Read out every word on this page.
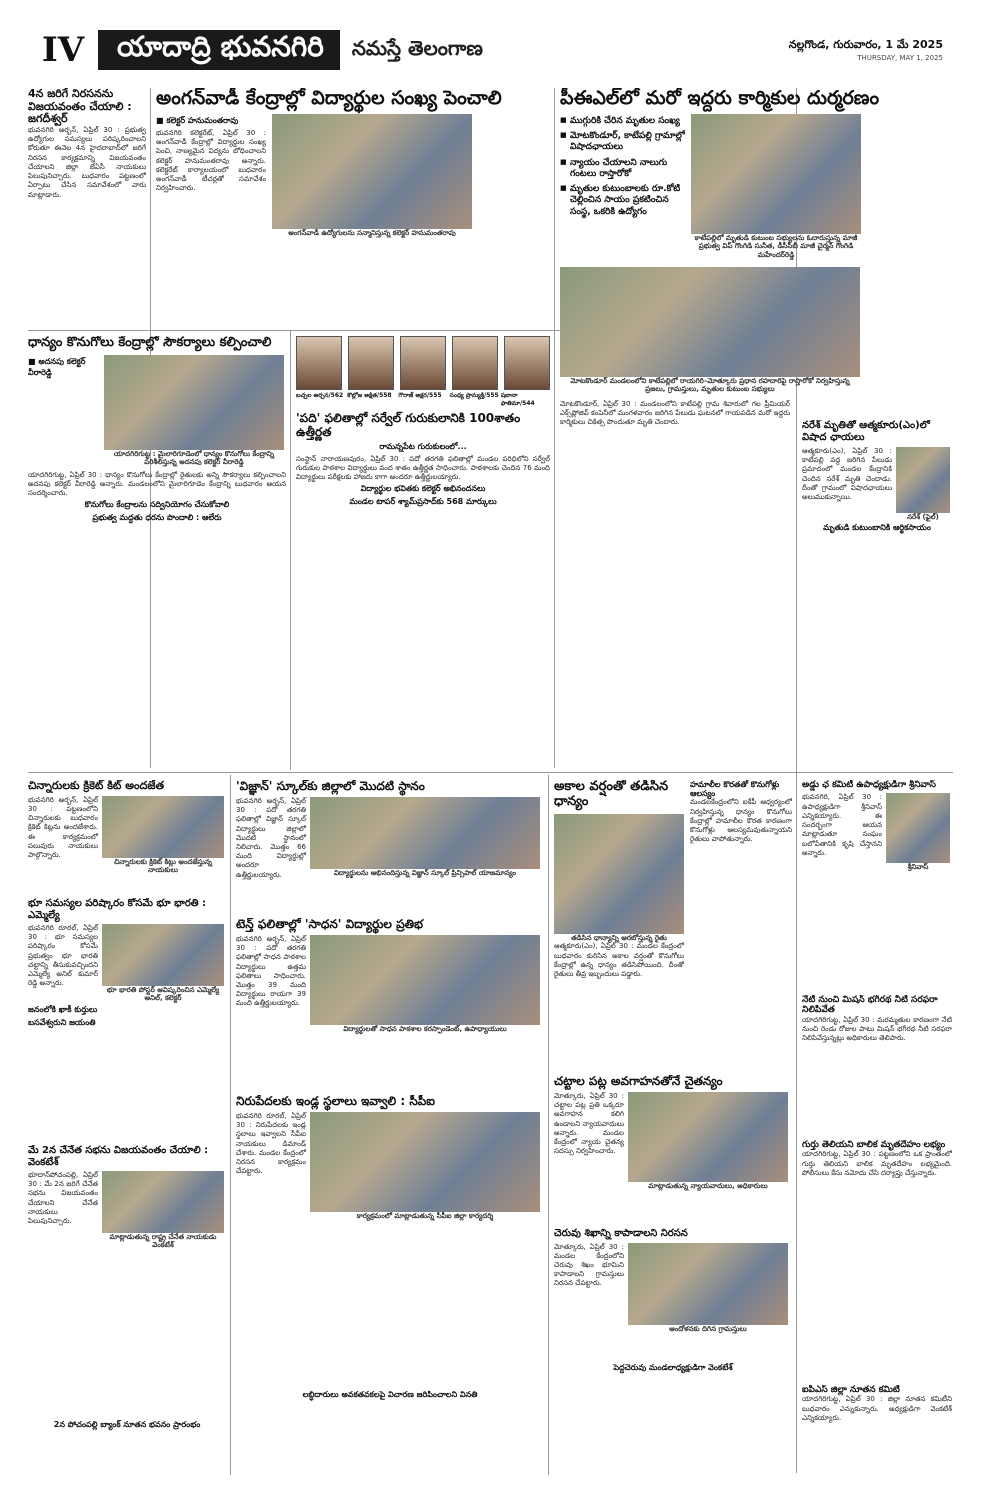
IV	యాదాద్రి భువనగిరి	నమస్తే తెలంగాణ	నల్లగొండ, గురువారం, 1 మే 2025
THURSDAY, MAY 1, 2025
4న జరిగే నిరసనను విజయవంతం చేయాలి : జగదీశ్వర్
భువనగిరి అర్బన్, ఏప్రిల్ 30 : ప్రభుత్వ ఉద్యోగుల సమస్యలు పరిష్కరించాలని కోరుతూ ఈనెల 4న హైదరాబాద్‌లో జరిగే నిరసన కార్యక్రమాన్ని విజయవంతం చేయాలని జిల్లా జేఏసీ నాయకులు పిలుపునిచ్చారు. బుధవారం పట్టణంలో ఏర్పాటు చేసిన సమావేశంలో వారు మాట్లాడారు.
అంగన్‌వాడీ కేంద్రాల్లో విద్యార్థుల సంఖ్య పెంచాలి
■ కలెక్టర్ హనుమంతరావు
భువనగిరి కలెక్టరేట్, ఏప్రిల్ 30 : అంగన్‌వాడీ కేంద్రాల్లో విద్యార్థుల సంఖ్య పెంచి, నాణ్యమైన విద్యను బోధించాలని కలెక్టర్ హనుమంతరావు అన్నారు. కలెక్టరేట్ కార్యాలయంలో బుధవారం అంగన్‌వాడీ టీచర్లతో సమావేశం నిర్వహించారు.
అంగన్‌వాడీ ఉద్యోగులను సన్మానిస్తున్న కలెక్టర్ హనుమంతరావు
పీఈఎల్‌లో మరో ఇద్దరు కార్మికుల దుర్మరణం
■ ముగ్గురికి చేరిన మృతుల సంఖ్య
■ మోటకొండూర్, కాటేపల్లి గ్రామాల్లో విషాదఛాయలు
■ న్యాయం చేయాలని నాలుగు గంటలు రాస్తారోకో
■ మృతుల కుటుంబాలకు రూ.కోటి చెల్లించిన సాయం ప్రకటించిన సంస్థ, ఒకరికి ఉద్యోగం
కాటేపల్లిలో మృతుడి కుటుంబ సభ్యులను ఓదారుస్తున్న మాజీ ప్రభుత్వ విప్ గొంగిడి సునీత, డీసీసీబీ మాజీ చైర్మన్ గొంగిడి మహేందర్‌రెడ్డి
మోటకొండూర్ మండలంలోని కాటేపల్లిలో రాయగిరి–మోత్కూరు ప్రధాన రహదారిపై రాస్తారోకో నిర్వహిస్తున్న ప్రజలు, గ్రామస్తులు, మృతుల కుటుంబ సభ్యులు
మోటకొండూర్, ఏప్రిల్ 30 : మండలంలోని కాటేపల్లి గ్రామ శివారులో గల ప్రీమియర్ ఎక్స్‌ప్లోజివ్ కంపెనీలో మంగళవారం జరిగిన పేలుడు ఘటనలో గాయపడిన మరో ఇద్దరు కార్మికులు చికిత్స పొందుతూ మృతి చెందారు.	నరేశ్ మృతితో ఆత్మకూరు(ఎం)లో విషాద ఛాయలు
ఆత్మకూరు(ఎం), ఏప్రిల్ 30 : కాటేపల్లి వద్ద జరిగిన పేలుడు ప్రమాదంలో మండల కేంద్రానికి చెందిన నరేశ్ మృతి చెందాడు. దీంతో గ్రామంలో విషాదఛాయలు అలుముకున్నాయి.
నరేశ్ (ఫైల్)
మృతుడి కుటుంబానికి ఆర్థికసాయం
ధాన్యం కొనుగోలు కేంద్రాల్లో సౌకర్యాలు కల్పించాలి
■ అదనపు కలెక్టర్ వీరారెడ్డి
యాదగిరిగుట్ట : మైలారిగూడెంలో ధాన్యం కొనుగోలు కేంద్రాన్ని పరిశీలిస్తున్న అదనపు కలెక్టర్ వీరారెడ్డి
యాదగిరిగుట్ట, ఏప్రిల్ 30 : ధాన్యం కొనుగోలు కేంద్రాల్లో రైతులకు అన్ని సౌకర్యాలు కల్పించాలని అదనపు కలెక్టర్ వీరారెడ్డి అన్నారు. మండలంలోని మైలారిగూడెం కేంద్రాన్ని బుధవారం ఆయన సందర్శించారు.
కొనుగోలు కేంద్రాలను సద్వినియోగం చేసుకోవాలి
ప్రభుత్వ మద్దతు ధరను పొందాలి : ఆలేరు
బచ్చల అర్చన/562 కొల్లోజ అక్షిత/558	గౌరాజ్ అక్షర/555	సంధ్య ప్రాన్యుక్తి/555 షబానా ఫాతిమా/544
'పది' ఫలితాల్లో సర్వేల్ గురుకులానికి 100శాతం ఉత్తీర్ణత
రామన్నపేట గురుకులంలో...
సంస్థాన్ నారాయణపురం, ఏప్రిల్ 30 : పదో తరగతి ఫలితాల్లో మండల పరిధిలోని సర్వేల్ గురుకుల పాఠశాల విద్యార్థులు వంద శాతం ఉత్తీర్ణత సాధించారు. పాఠశాలకు చెందిన 76 మంది విద్యార్థులు పరీక్షలకు హాజరు కాగా అందరూ ఉత్తీర్ణులయ్యారు.
విద్యార్థుల భవితకు కలెక్టర్ అభినందనలు
మండల టాపర్ శ్యామ్‌ప్రసాద్‌కు 568 మార్కులు
చిన్నారులకు క్రికెట్ కిట్ అందజేత
భువనగిరి అర్బన్, ఏప్రిల్ 30 : పట్టణంలోని చిన్నారులకు బుధవారం క్రికెట్ కిట్లను అందజేశారు. ఈ కార్యక్రమంలో పలువురు నాయకులు పాల్గొన్నారు.
చిన్నారులకు క్రికెట్ కిట్లు అందజేస్తున్న నాయకులు
భూ సమస్యల పరిష్కారం కోసమే భూ భారతి : ఎమ్మెల్యే
భువనగిరి రూరల్, ఏప్రిల్ 30 : భూ సమస్యల పరిష్కారం కోసమే ప్రభుత్వం భూ భారతి చట్టాన్ని తీసుకువచ్చిందని ఎమ్మెల్యే అనిల్ కుమార్ రెడ్డి అన్నారు.
భూ భారతి పోస్టర్ ఆవిష్కరించిన ఎమ్మెల్యే అనిల్, కలెక్టర్
జనంలోకి ఖాకీ కుర్తులు
బసవేశ్వరుని జయంతి
మే 2న చేనేత సభను విజయవంతం చేయాలి : వెంకటేశ్
భూదాన్‌పోచంపల్లి, ఏప్రిల్ 30 : మే 2న జరిగే చేనేత సభను విజయవంతం చేయాలని చేనేత నాయకులు పిలుపునిచ్చారు.
మాట్లాడుతున్న రాష్ట్ర చేనేత నాయకుడు వెంకటేశ్
2న పోచంపల్లి బ్యాంక్ నూతన భవనం ప్రారంభం
'విజ్ఞాన్' స్కూల్‌కు జిల్లాలో మొదటి స్థానం
భువనగిరి అర్బన్, ఏప్రిల్ 30 : పదో తరగతి ఫలితాల్లో విజ్ఞాన్ స్కూల్ విద్యార్థులు జిల్లాలో మొదటి స్థానంలో నిలిచారు. మొత్తం 66 మంది విద్యార్థుల్లో అందరూ ఉత్తీర్ణులయ్యారు.	విద్యార్థులను అభినందిస్తున్న విజ్ఞాన్ స్కూల్ ప్రిన్సిపాల్ యాజమాన్యం
టెన్త్ ఫలితాల్లో 'సాధన' విద్యార్థుల ప్రతిభ
భువనగిరి అర్బన్, ఏప్రిల్ 30 : పదో తరగతి ఫలితాల్లో సాధన పాఠశాల విద్యార్థులు ఉత్తమ ఫలితాలు సాధించారు. మొత్తం 39 మంది విద్యార్థులు రాయగా 39 మంది ఉత్తీర్ణులయ్యారు.
విద్యార్థులతో సాధన పాఠశాల కరస్పాండెంట్, ఉపాధ్యాయులు
నిరుపేదలకు ఇండ్ల స్థలాలు ఇవ్వాలి : సీపీఐ
భువనగిరి రూరల్, ఏప్రిల్ 30 : నిరుపేదలకు ఇండ్ల స్థలాలు ఇవ్వాలని సీపీఐ నాయకులు డిమాండ్ చేశారు. మండల కేంద్రంలో నిరసన కార్యక్రమం చేపట్టారు.
కార్యక్రమంలో మాట్లాడుతున్న సీపీఐ జిల్లా కార్యదర్శి
లబ్ధిదారులు అవకతవకలపై విచారణ జరిపించాలని వినతి
అకాల వర్షంతో తడిసిన ధాన్యం
తడిసిన ధాన్యాన్ని ఆరబోస్తున్న రైతు
ఆత్మకూరు(ఎం), ఏప్రిల్ 30 : మండల కేంద్రంలో బుధవారం కురిసిన అకాల వర్షంతో కొనుగోలు కేంద్రాల్లో ఉన్న ధాన్యం తడిసిపోయింది. దీంతో రైతులు తీవ్ర ఇబ్బందులు పడ్డారు.
హమాలీల కొరతతో కొనుగోళ్లు ఆలస్యం
మండలకేంద్రంలోని ఐకేపీ ఆధ్వర్యంలో నిర్వహిస్తున్న ధాన్యం కొనుగోలు కేంద్రాల్లో హమాలీల కొరత కారణంగా కొనుగోళ్లు ఆలస్యమవుతున్నాయని రైతులు వాపోతున్నారు.
చట్టాల పట్ల అవగాహనతోనే చైతన్యం
మోత్కూరు, ఏప్రిల్ 30 : చట్టాల పట్ల ప్రతి ఒక్కరూ అవగాహన కలిగి ఉండాలని న్యాయవాదులు అన్నారు. మండల కేంద్రంలో న్యాయ చైతన్య సదస్సు నిర్వహించారు.
మాట్లాడుతున్న న్యాయవాదులు, అధికారులు
చెరువు శిఖాన్ని కాపాడాలని నిరసన
మోత్కూరు, ఏప్రిల్ 30 : మండల కేంద్రంలోని చెరువు శిఖం భూమిని కాపాడాలని గ్రామస్తులు నిరసన చేపట్టారు.
ఆందోళనకు దిగిన గ్రామస్తులు
పెద్దచెరువు మండలాధ్యక్షుడిగా వెంకటేశ్
అడ్డు ఛ కమిటీ ఉపాధ్యక్షుడిగా శ్రీనివాస్
భువనగిరి, ఏప్రిల్ 30 : ఉపాధ్యక్షుడిగా శ్రీనివాస్ ఎన్నికయ్యారు. ఈ సందర్భంగా ఆయన మాట్లాడుతూ సంఘం బలోపేతానికి కృషి చేస్తానని అన్నారు.
శ్రీనివాస్
నేటి నుంచి మిషన్ భగీరథ నీటి సరఫరా నిలిపివేత
యాదగిరిగుట్ట, ఏప్రిల్ 30 : మరమ్మతుల కారణంగా నేటి నుంచి రెండు రోజుల పాటు మిషన్ భగీరథ నీటి సరఫరా నిలిపివేస్తున్నట్లు అధికారులు తెలిపారు.
గుర్తు తెలియని బాలిక మృతదేహం లభ్యం
యాదగిరిగుట్ట, ఏప్రిల్ 30 : పట్టణంలోని ఒక ప్రాంతంలో గుర్తు తెలియని బాలిక మృతదేహం లభ్యమైంది. పోలీసులు కేసు నమోదు చేసి దర్యాప్తు చేస్తున్నారు.
ఐపీఎస్ జిల్లా నూతన కమిటీ
యాదగిరిగుట్ట, ఏప్రిల్ 30 : జిల్లా నూతన కమిటీని బుధవారం ఎన్నుకున్నారు. అధ్యక్షుడిగా వెంకటేశ్ ఎన్నికయ్యారు.
